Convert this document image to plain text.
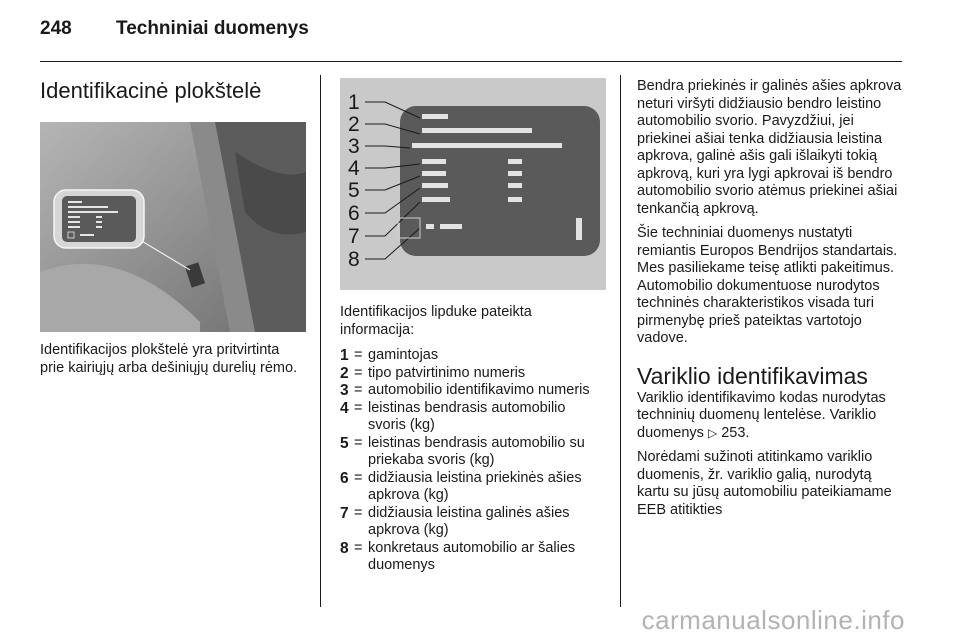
248	Techniniai duomenys
Identifikacinė plokštelė

Identifikacijos plokštelė yra pritvirtinta prie kairiųjų arba dešiniųjų durelių rėmo.

1
2
3
4
5
6
7
8

Identifikacijos lipduke pateikta informacija:

1 = gamintojas
2 = tipo patvirtinimo numeris
3 = automobilio identifikavimo numeris
4 = leistinas bendrasis automobilio svoris (kg)
5 = leistinas bendrasis automobilio su priekaba svoris (kg)
6 = didžiausia leistina priekinės ašies apkrova (kg)
7 = didžiausia leistina galinės ašies apkrova (kg)
8 = konkretaus automobilio ar šalies duomenys

Bendra priekinės ir galinės ašies apkrova neturi viršyti didžiausio bendro leistino automobilio svorio. Pavyzdžiui, jei priekinei ašiai tenka didžiausia leistina apkrova, galinė ašis gali išlaikyti tokią apkrovą, kuri yra lygi apkrovai iš bendro automobilio svorio atėmus priekinei ašiai tenkančią apkrovą.

Šie techniniai duomenys nustatyti remiantis Europos Bendrijos standartais. Mes pasiliekame teisę atlikti pakeitimus. Automobilio dokumentuose nurodytos techninės charakteristikos visada turi pirmenybę prieš pateiktas vartotojo vadove.

Variklio identifikavimas

Variklio identifikavimo kodas nurodytas techninių duomenų lentelėse. Variklio duomenys ▷ 253.

Norėdami sužinoti atitinkamo variklio duomenis, žr. variklio galią, nurodytą kartu su jūsų automobiliu pateikiamame EEB atitikties

carmanualsonline.info
